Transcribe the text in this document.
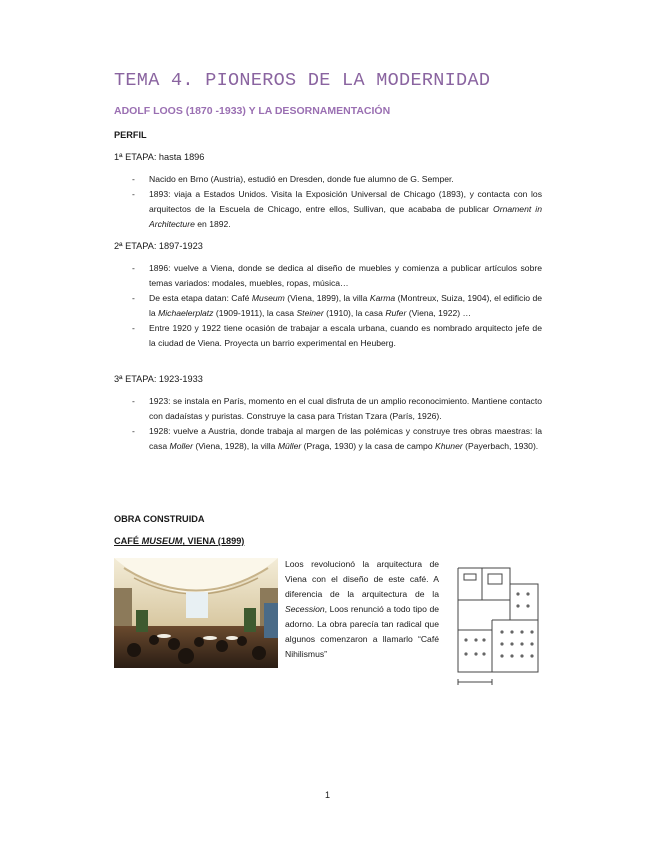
TEMA 4. PIONEROS DE LA MODERNIDAD
ADOLF LOOS (1870 -1933) Y LA DESORNAMENTACIÓN
PERFIL
1ª ETAPA: hasta 1896
- Nacido en Brno (Austria), estudió en Dresden, donde fue alumno de G. Semper.
- 1893: viaja a Estados Unidos. Visita la Exposición Universal de Chicago (1893), y contacta con los arquitectos de la Escuela de Chicago, entre ellos, Sullivan, que acababa de publicar Ornament in Architecture en 1892.
2ª ETAPA: 1897-1923
- 1896: vuelve a Viena, donde se dedica al diseño de muebles y comienza a publicar artículos sobre temas variados: modales, muebles, ropas, música…
- De esta etapa datan: Café Museum (Viena, 1899), la villa Karma (Montreux, Suiza, 1904), el edificio de la Michaelerplatz (1909-1911), la casa Steiner (1910), la casa Rufer (Viena, 1922) …
- Entre 1920 y 1922 tiene ocasión de trabajar a escala urbana, cuando es nombrado arquitecto jefe de la ciudad de Viena. Proyecta un barrio experimental en Heuberg.
3ª ETAPA: 1923-1933
- 1923: se instala en París, momento en el cual disfruta de un amplio reconocimiento. Mantiene contacto con dadaístas y puristas. Construye la casa para Tristan Tzara (París, 1926).
- 1928: vuelve a Austria, donde trabaja al margen de las polémicas y construye tres obras maestras: la casa Moller (Viena, 1928), la villa Müller (Praga, 1930) y la casa de campo Khuner (Payerbach, 1930).
OBRA CONSTRUIDA
CAFÉ MUSEUM, VIENA (1899)
Loos revolucionó la arquitectura de Viena con el diseño de este café. A diferencia de la arquitectura de la Secession, Loos renunció a todo tipo de adorno. La obra parecía tan radical que algunos comenzaron a llamarlo “Café Nihilismus”
1
